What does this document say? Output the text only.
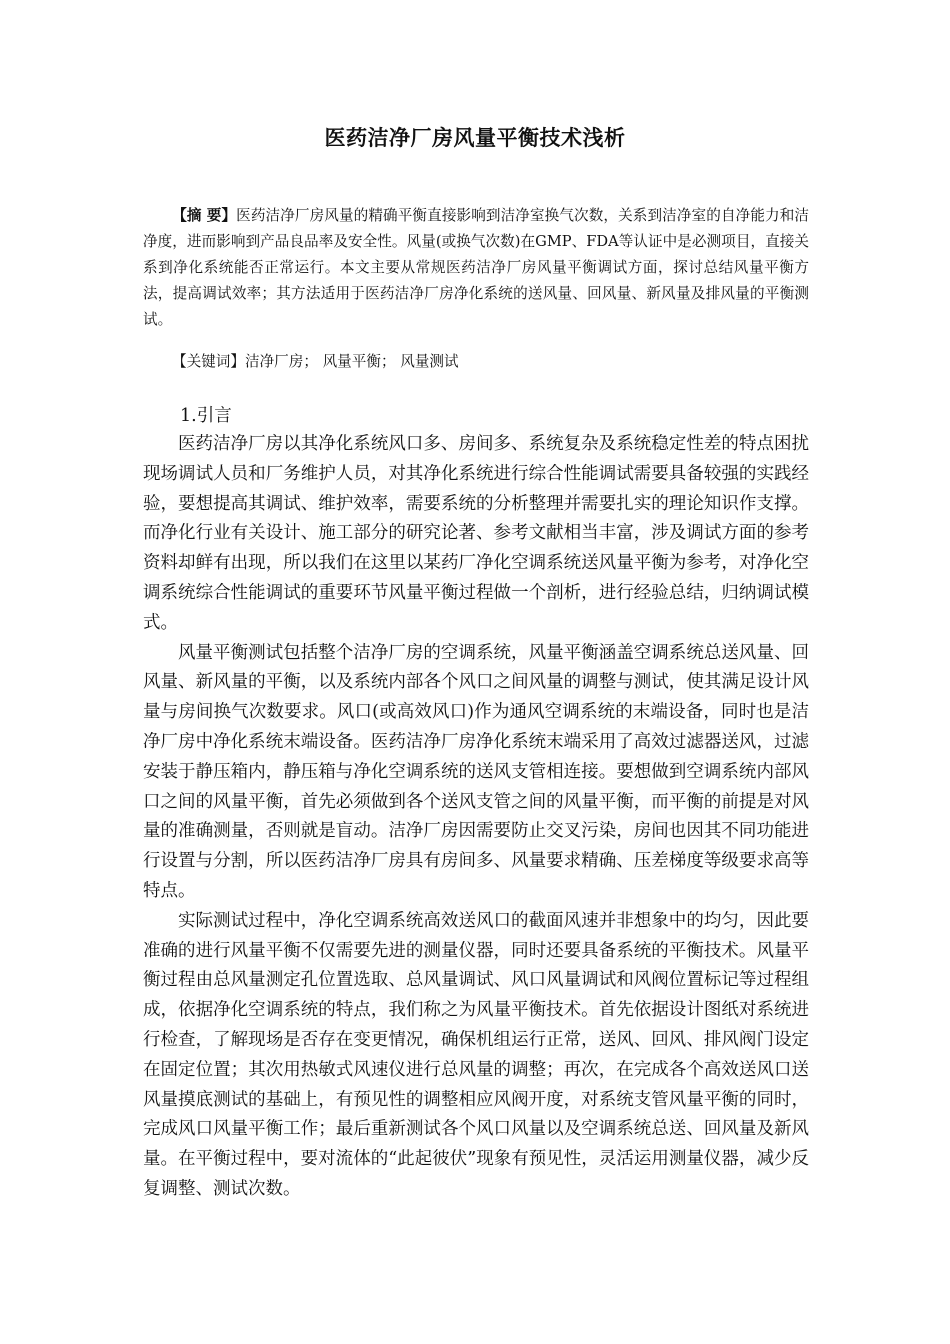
医药洁净厂房风量平衡技术浅析
【摘 要】医药洁净厂房风量的精确平衡直接影响到洁净室换气次数，关系到洁净室的自净能力和洁净度，进而影响到产品良品率及安全性。风量(或换气次数)在GMP、FDA等认证中是必测项目，直接关系到净化系统能否正常运行。本文主要从常规医药洁净厂房风量平衡调试方面，探讨总结风量平衡方法，提高调试效率；其方法适用于医药洁净厂房净化系统的送风量、回风量、新风量及排风量的平衡测试。
【关键词】洁净厂房； 风量平衡； 风量测试
1.引言

医药洁净厂房以其净化系统风口多、房间多、系统复杂及系统稳定性差的特点困扰现场调试人员和厂务维护人员，对其净化系统进行综合性能调试需要具备较强的实践经验，要想提高其调试、维护效率，需要系统的分析整理并需要扎实的理论知识作支撑。而净化行业有关设计、施工部分的研究论著、参考文献相当丰富，涉及调试方面的参考资料却鲜有出现，所以我们在这里以某药厂净化空调系统送风量平衡为参考，对净化空调系统综合性能调试的重要环节风量平衡过程做一个剖析，进行经验总结，归纳调试模式。

风量平衡测试包括整个洁净厂房的空调系统，风量平衡涵盖空调系统总送风量、回风量、新风量的平衡，以及系统内部各个风口之间风量的调整与测试，使其满足设计风量与房间换气次数要求。风口(或高效风口)作为通风空调系统的末端设备，同时也是洁净厂房中净化系统末端设备。医药洁净厂房净化系统末端采用了高效过滤器送风，过滤安装于静压箱内，静压箱与净化空调系统的送风支管相连接。要想做到空调系统内部风口之间的风量平衡，首先必须做到各个送风支管之间的风量平衡，而平衡的前提是对风量的准确测量，否则就是盲动。洁净厂房因需要防止交叉污染，房间也因其不同功能进行设置与分割，所以医药洁净厂房具有房间多、风量要求精确、压差梯度等级要求高等特点。

实际测试过程中，净化空调系统高效送风口的截面风速并非想象中的均匀，因此要准确的进行风量平衡不仅需要先进的测量仪器，同时还要具备系统的平衡技术。风量平衡过程由总风量测定孔位置选取、总风量调试、风口风量调试和风阀位置标记等过程组成，依据净化空调系统的特点，我们称之为风量平衡技术。首先依据设计图纸对系统进行检查，了解现场是否存在变更情况，确保机组运行正常，送风、回风、排风阀门设定在固定位置；其次用热敏式风速仪进行总风量的调整；再次，在完成各个高效送风口送风量摸底测试的基础上，有预见性的调整相应风阀开度，对系统支管风量平衡的同时，完成风口风量平衡工作；最后重新测试各个风口风量以及空调系统总送、回风量及新风量。在平衡过程中，要对流体的“此起彼伏”现象有预见性，灵活运用测量仪器，减少反复调整、测试次数。
